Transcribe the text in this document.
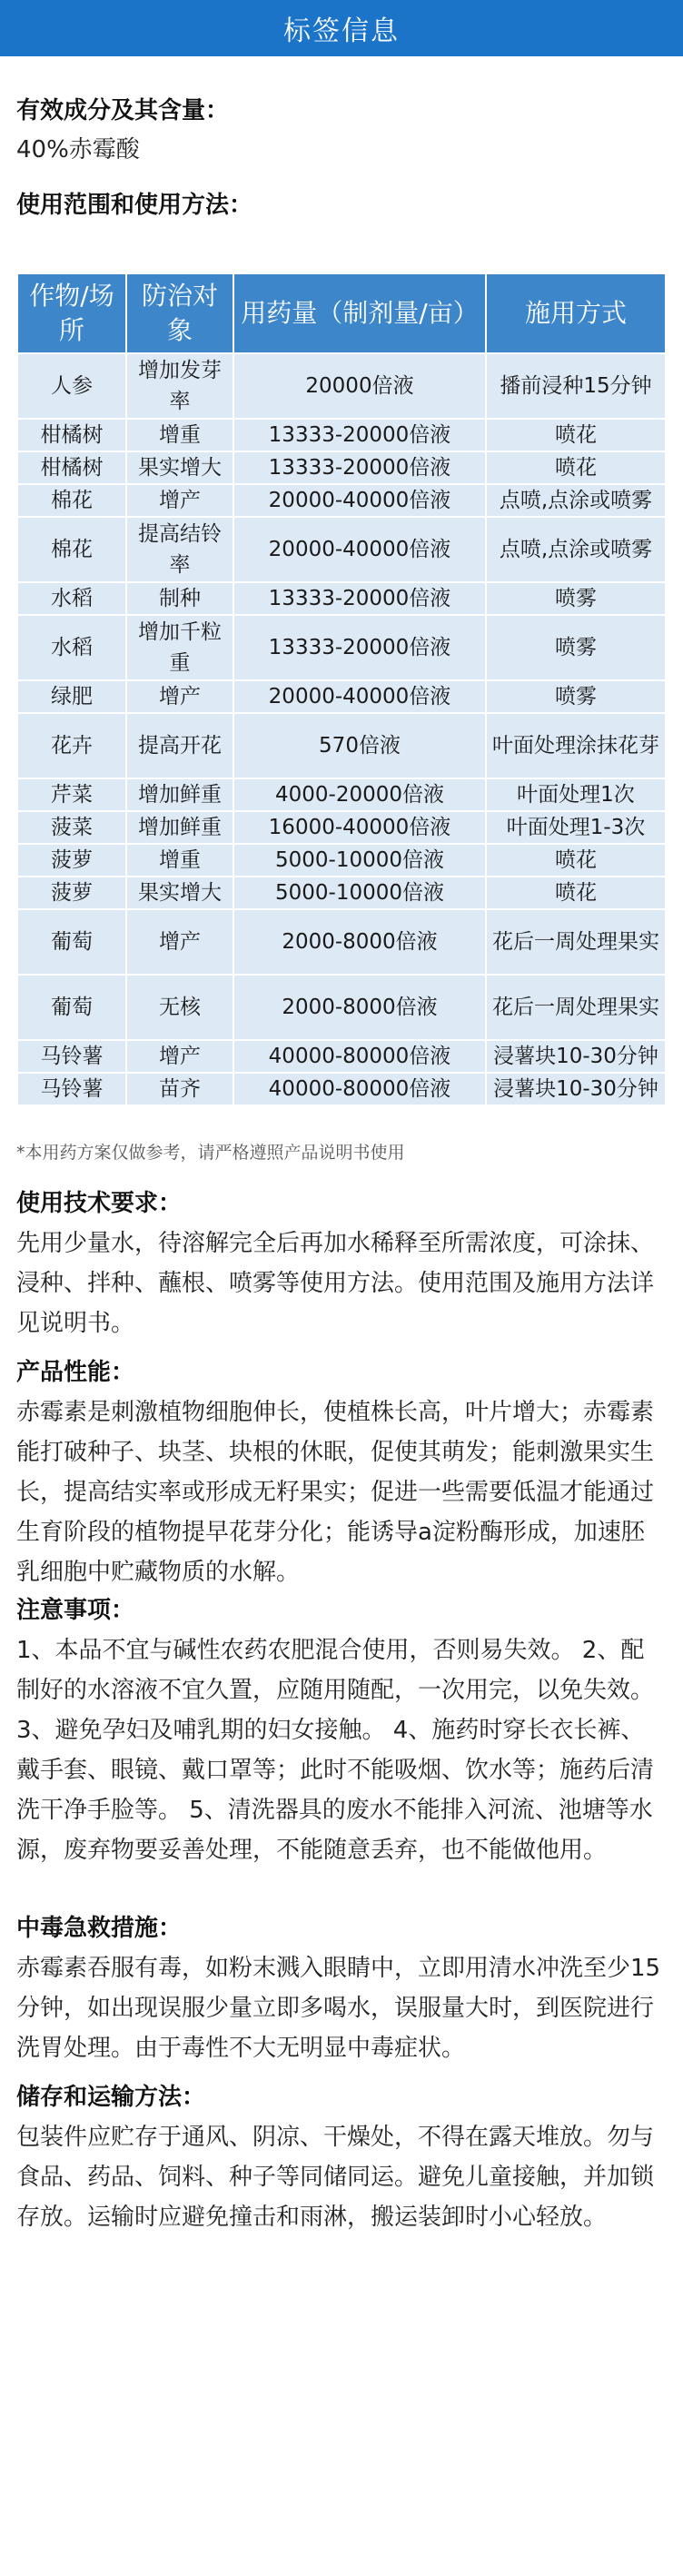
标签信息

有效成分及其含量：

40%赤霉酸

使用范围和使用方法：

作物/场所	防治对象	用药量（制剂量/亩）	施用方式
人参	增加发芽率	20000倍液	播前浸种15分钟
柑橘树	增重	13333-20000倍液	喷花
柑橘树	果实增大	13333-20000倍液	喷花
棉花	增产	20000-40000倍液	点喷,点涂或喷雾
棉花	提高结铃率	20000-40000倍液	点喷,点涂或喷雾
水稻	制种	13333-20000倍液	喷雾
水稻	增加千粒重	13333-20000倍液	喷雾
绿肥	增产	20000-40000倍液	喷雾
花卉	提高开花	570倍液	叶面处理涂抹花芽
芹菜	增加鲜重	4000-20000倍液	叶面处理1次
菠菜	增加鲜重	16000-40000倍液	叶面处理1-3次
菠萝	增重	5000-10000倍液	喷花
菠萝	果实增大	5000-10000倍液	喷花
葡萄	增产	2000-8000倍液	花后一周处理果实
葡萄	无核	2000-8000倍液	花后一周处理果实
马铃薯	增产	40000-80000倍液	浸薯块10-30分钟
马铃薯	苗齐	40000-80000倍液	浸薯块10-30分钟
*本用药方案仅做参考，请严格遵照产品说明书使用

使用技术要求：

先用少量水，待溶解完全后再加水稀释至所需浓度，可涂抹、浸种、拌种、蘸根、喷雾等使用方法。使用范围及施用方法详见说明书。

产品性能：

赤霉素是刺激植物细胞伸长，使植株长高，叶片增大；赤霉素能打破种子、块茎、块根的休眠，促使其萌发；能刺激果实生长，提高结实率或形成无籽果实；促进一些需要低温才能通过生育阶段的植物提早花芽分化；能诱导a淀粉酶形成，加速胚乳细胞中贮藏物质的水解。

注意事项：

1、本品不宜与碱性农药农肥混合使用，否则易失效。 2、配制好的水溶液不宜久置，应随用随配，一次用完，以免失效。 3、避免孕妇及哺乳期的妇女接触。 4、施药时穿长衣长裤、戴手套、眼镜、戴口罩等；此时不能吸烟、饮水等；施药后清洗干净手脸等。 5、清洗器具的废水不能排入河流、池塘等水源，废弃物要妥善处理，不能随意丢弃，也不能做他用。

中毒急救措施：

赤霉素吞服有毒，如粉末溅入眼睛中，立即用清水冲洗至少15 分钟，如出现误服少量立即多喝水，误服量大时，到医院进行洗胃处理。由于毒性不大无明显中毒症状。

储存和运输方法：

包装件应贮存于通风、阴凉、干燥处，不得在露天堆放。勿与食品、药品、饲料、种子等同储同运。避免儿童接触，并加锁存放。运输时应避免撞击和雨淋，搬运装卸时小心轻放。
